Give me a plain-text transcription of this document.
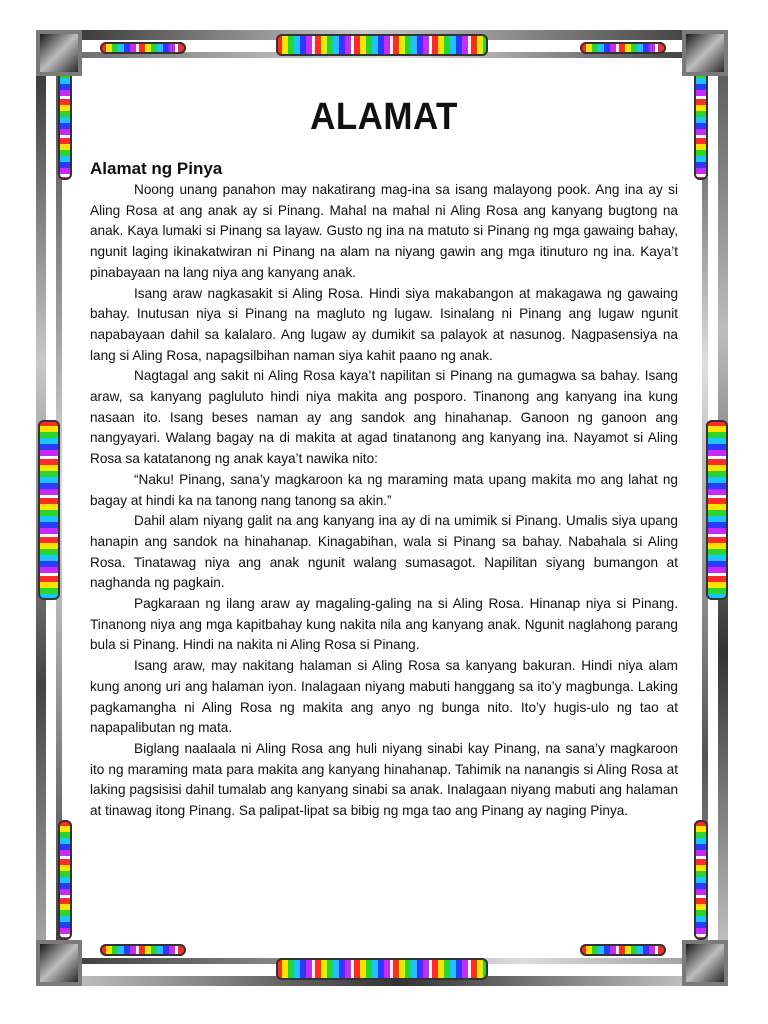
ALAMAT
Alamat ng Pinya

Noong unang panahon may nakatirang mag-ina sa isang malayong pook. Ang ina ay si Aling Rosa at ang anak ay si Pinang. Mahal na mahal ni Aling Rosa ang kanyang bugtong na anak. Kaya lumaki si Pinang sa layaw. Gusto ng ina na matuto si Pinang ng mga gawaing bahay, ngunit laging ikinakatwiran ni Pinang na alam na niyang gawin ang mga itinuturo ng ina. Kaya’t pinabayaan na lang niya ang kanyang anak.

Isang araw nagkasakit si Aling Rosa. Hindi siya makabangon at makagawa ng gawaing bahay. Inutusan niya si Pinang na magluto ng lugaw. Isinalang ni Pinang ang lugaw ngunit napabayaan dahil sa kalalaro. Ang lugaw ay dumikit sa palayok at nasunog. Nagpasensiya na lang si Aling Rosa, napagsilbihan naman siya kahit paano ng anak.

Nagtagal ang sakit ni Aling Rosa kaya’t napilitan si Pinang na gumagwa sa bahay. Isang araw, sa kanyang pagluluto hindi niya makita ang posporo. Tinanong ang kanyang ina kung nasaan ito. Isang beses naman ay ang sandok ang hinahanap. Ganoon ng ganoon ang nangyayari. Walang bagay na di makita at agad tinatanong ang kanyang ina. Nayamot si Aling Rosa sa katatanong ng anak kaya’t nawika nito:

“Naku! Pinang, sana’y magkaroon ka ng maraming mata upang makita mo ang lahat ng bagay at hindi ka na tanong nang tanong sa akin.”

Dahil alam niyang galit na ang kanyang ina ay di na umimik si Pinang. Umalis siya upang hanapin ang sandok na hinahanap. Kinagabihan, wala si Pinang sa bahay. Nabahala si Aling Rosa. Tinatawag niya ang anak ngunit walang sumasagot. Napilitan siyang bumangon at naghanda ng pagkain.

Pagkaraan ng ilang araw ay magaling-galing na si Aling Rosa. Hinanap niya si Pinang. Tinanong niya ang mga kapitbahay kung nakita nila ang kanyang anak. Ngunit naglahong parang bula si Pinang. Hindi na nakita ni Aling Rosa si Pinang.

Isang araw, may nakitang halaman si Aling Rosa sa kanyang bakuran. Hindi niya alam kung anong uri ang halaman iyon. Inalagaan niyang mabuti hanggang sa ito’y magbunga. Laking pagkamangha ni Aling Rosa ng makita ang anyo ng bunga nito. Ito’y hugis-ulo ng tao at napapalibutan ng mata.

Biglang naalaala ni Aling Rosa ang huli niyang sinabi kay Pinang, na sana’y magkaroon ito ng maraming mata para makita ang kanyang hinahanap. Tahimik na nanangis si Aling Rosa at laking pagsisisi dahil tumalab ang kanyang sinabi sa anak. Inalagaan niyang mabuti ang halaman at tinawag itong Pinang. Sa palipat-lipat sa bibig ng mga tao ang Pinang ay naging Pinya.
